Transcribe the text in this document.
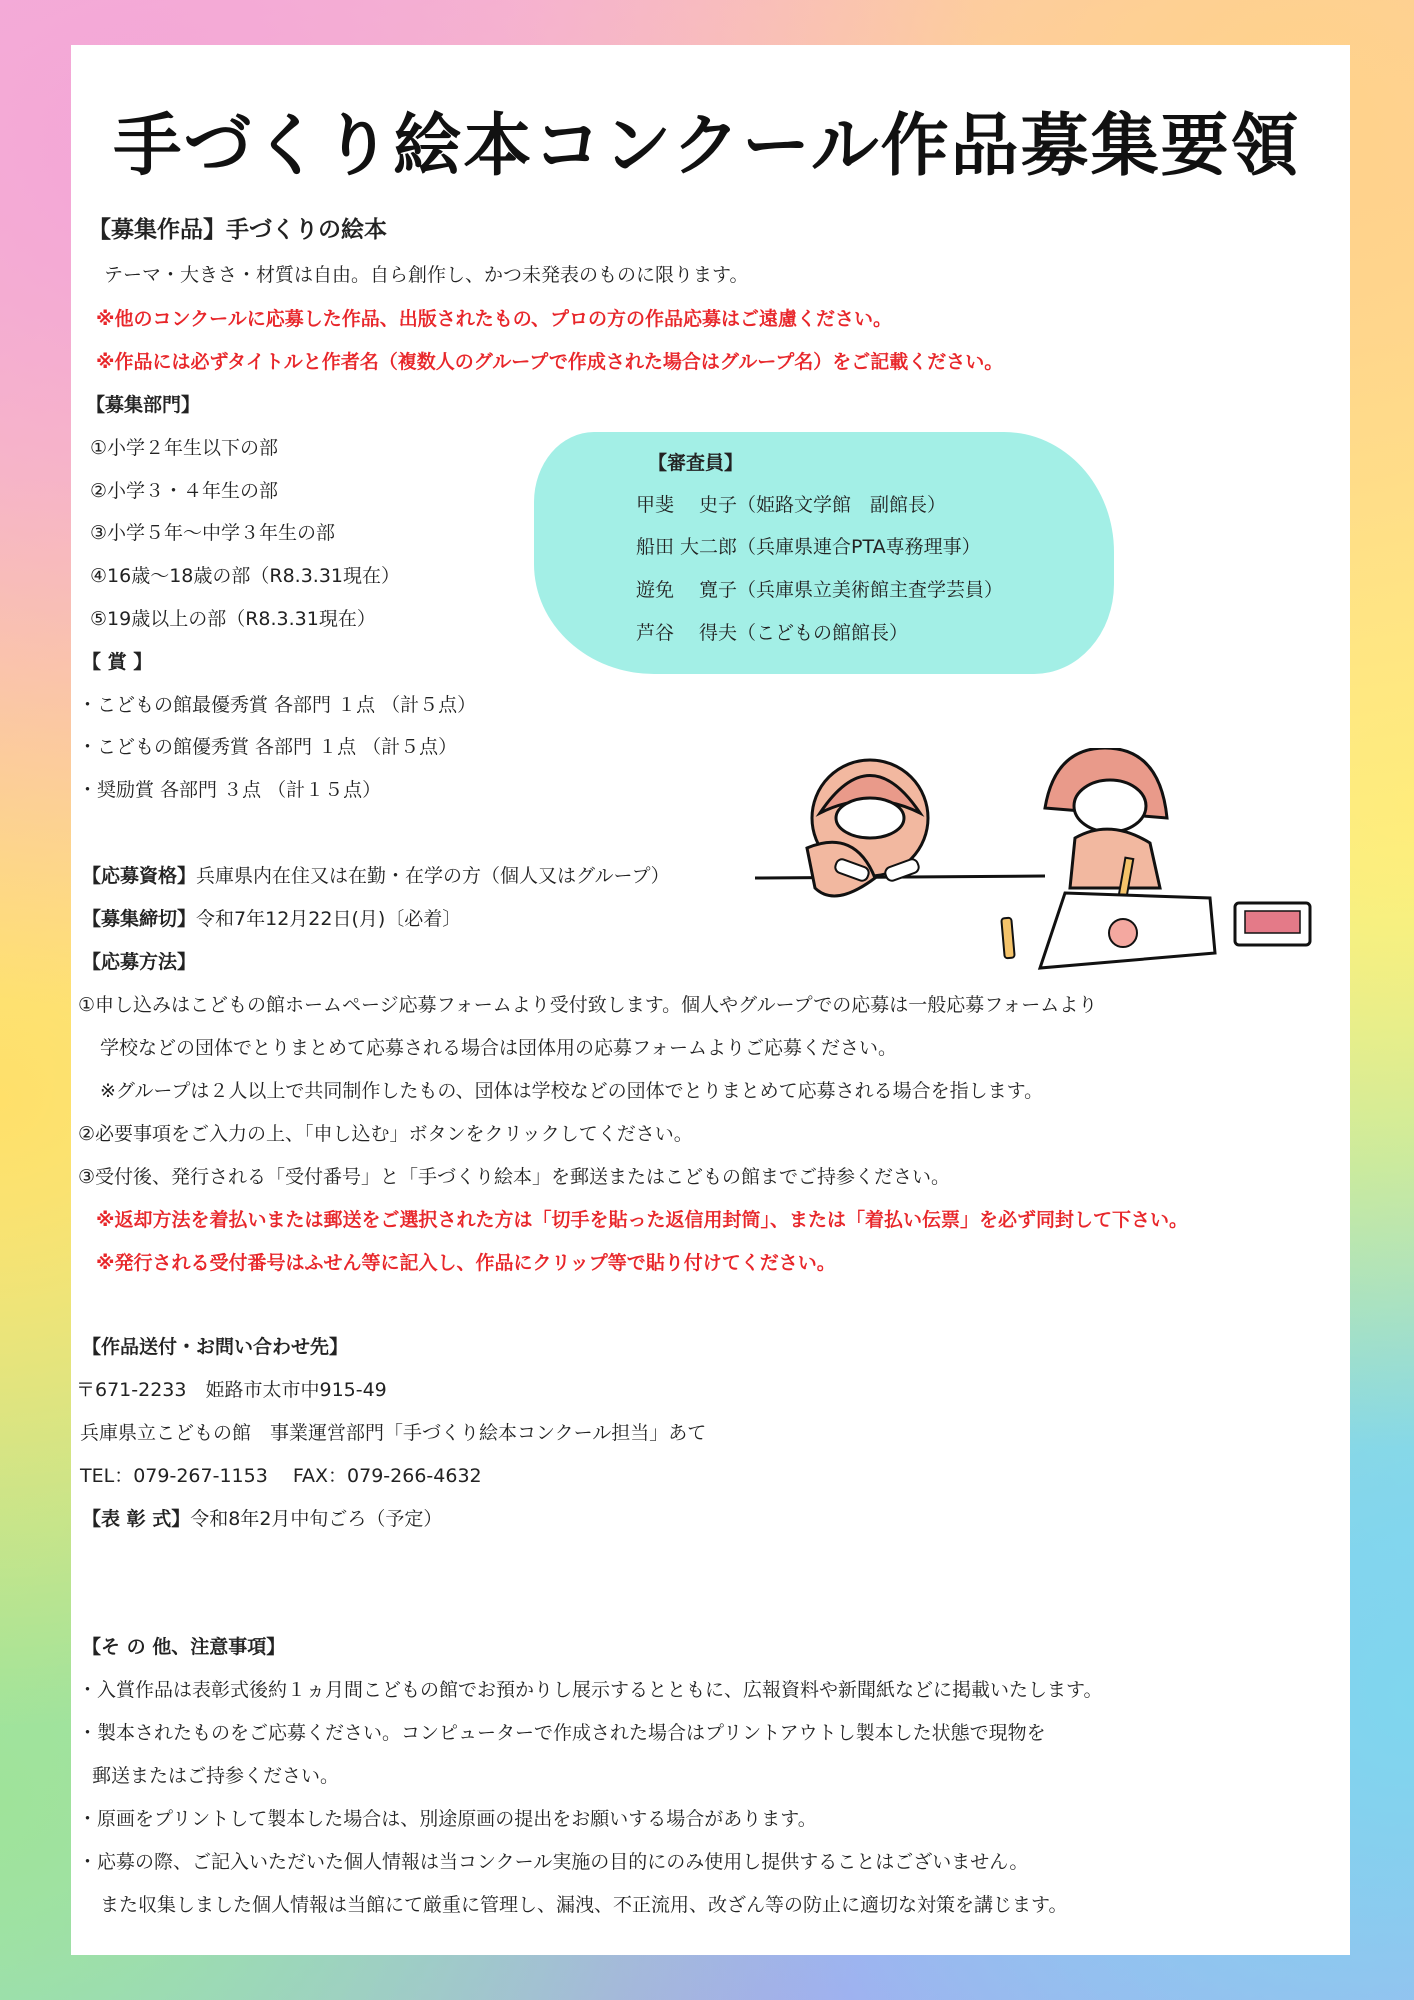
手づくり絵本コンクール作品募集要領
【募集作品】手づくりの絵本
テーマ・大きさ・材質は自由。自ら創作し、かつ未発表のものに限ります。
※他のコンクールに応募した作品、出版されたもの、プロの方の作品応募はご遠慮ください。
※作品には必ずタイトルと作者名（複数人のグループで作成された場合はグループ名）をご記載ください。
【募集部門】
①小学２年生以下の部
②小学３・４年生の部
③小学５年～中学３年生の部
④16歳～18歳の部（R8.3.31現在）
⑤19歳以上の部（R8.3.31現在）
【審査員】
甲斐　 史子（姫路文学館　副館長）
船田 大二郎（兵庫県連合PTA専務理事）
遊免　 寛子（兵庫県立美術館主査学芸員）
芦谷　 得夫（こどもの館館長）
【 賞 】
・こどもの館最優秀賞 各部門 １点 （計５点）
・こどもの館優秀賞 各部門 １点 （計５点）
・奨励賞 各部門 ３点 （計１５点）
【応募資格】兵庫県内在住又は在勤・在学の方（個人又はグループ）
【募集締切】令和7年12月22日(月)〔必着〕
【応募方法】
①申し込みはこどもの館ホームページ応募フォームより受付致します。個人やグループでの応募は一般応募フォームより
学校などの団体でとりまとめて応募される場合は団体用の応募フォームよりご応募ください。
※グループは２人以上で共同制作したもの、団体は学校などの団体でとりまとめて応募される場合を指します。
②必要事項をご入力の上、「申し込む」ボタンをクリックしてください。
③受付後、発行される「受付番号」と「手づくり絵本」を郵送またはこどもの館までご持参ください。
※返却方法を着払いまたは郵送をご選択された方は「切手を貼った返信用封筒」、または「着払い伝票」を必ず同封して下さい。
※発行される受付番号はふせん等に記入し、作品にクリップ等で貼り付けてください。
【作品送付・お問い合わせ先】
〒671-2233　姫路市太市中915-49
兵庫県立こどもの館　事業運営部門「手づくり絵本コンクール担当」あて
TEL：079-267-1153　 FAX：079-266-4632
【表 彰 式】令和8年2月中旬ごろ（予定）
【そ の 他、注意事項】
・入賞作品は表彰式後約１ヵ月間こどもの館でお預かりし展示するとともに、広報資料や新聞紙などに掲載いたします。
・製本されたものをご応募ください。コンピューターで作成された場合はプリントアウトし製本した状態で現物を
郵送またはご持参ください。
・原画をプリントして製本した場合は、別途原画の提出をお願いする場合があります。
・応募の際、ご記入いただいた個人情報は当コンクール実施の目的にのみ使用し提供することはございません。
また収集しました個人情報は当館にて厳重に管理し、漏洩、不正流用、改ざん等の防止に適切な対策を講じます。
